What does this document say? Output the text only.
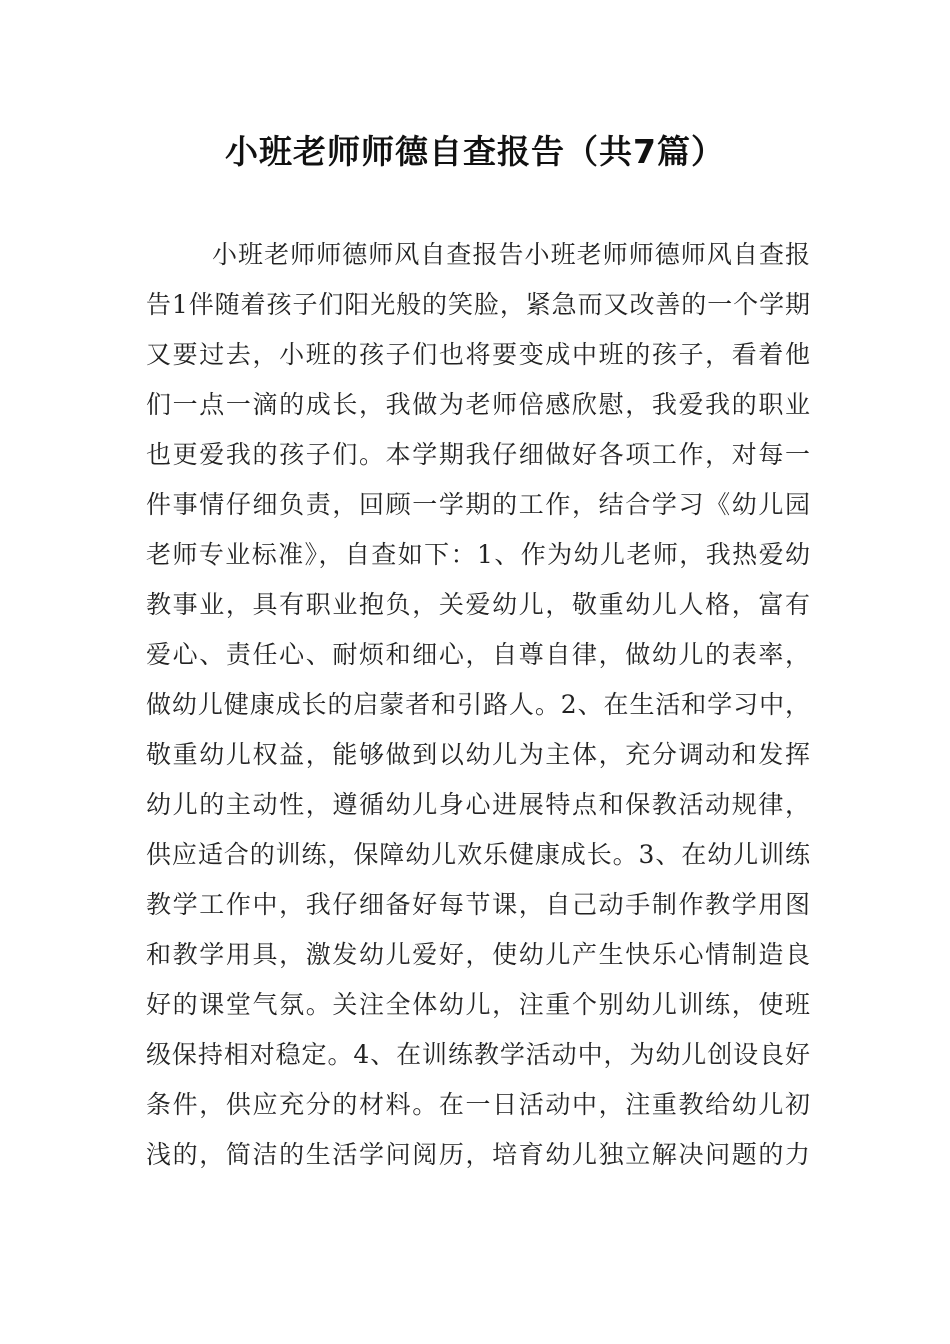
小班老师师德自查报告（共7篇）
小班老师师德师风自查报告小班老师师德师风自查报
告1伴随着孩子们阳光般的笑脸，紧急而又改善的一个学期
又要过去，小班的孩子们也将要变成中班的孩子，看着他
们一点一滴的成长，我做为老师倍感欣慰，我爱我的职业
也更爱我的孩子们。本学期我仔细做好各项工作，对每一
件事情仔细负责，回顾一学期的工作，结合学习《幼儿园
老师专业标准》，自查如下：1、作为幼儿老师，我热爱幼
教事业，具有职业抱负，关爱幼儿，敬重幼儿人格，富有
爱心、责任心、耐烦和细心，自尊自律，做幼儿的表率，
做幼儿健康成长的启蒙者和引路人。2、在生活和学习中，
敬重幼儿权益，能够做到以幼儿为主体，充分调动和发挥
幼儿的主动性，遵循幼儿身心进展特点和保教活动规律，
供应适合的训练，保障幼儿欢乐健康成长。3、在幼儿训练
教学工作中，我仔细备好每节课，自己动手制作教学用图
和教学用具，激发幼儿爱好，使幼儿产生快乐心情制造良
好的课堂气氛。关注全体幼儿，注重个别幼儿训练，使班
级保持相对稳定。4、在训练教学活动中，为幼儿创设良好
条件，供应充分的材料。在一日活动中，注重教给幼儿初
浅的，简洁的生活学问阅历，培育幼儿独立解决问题的力
